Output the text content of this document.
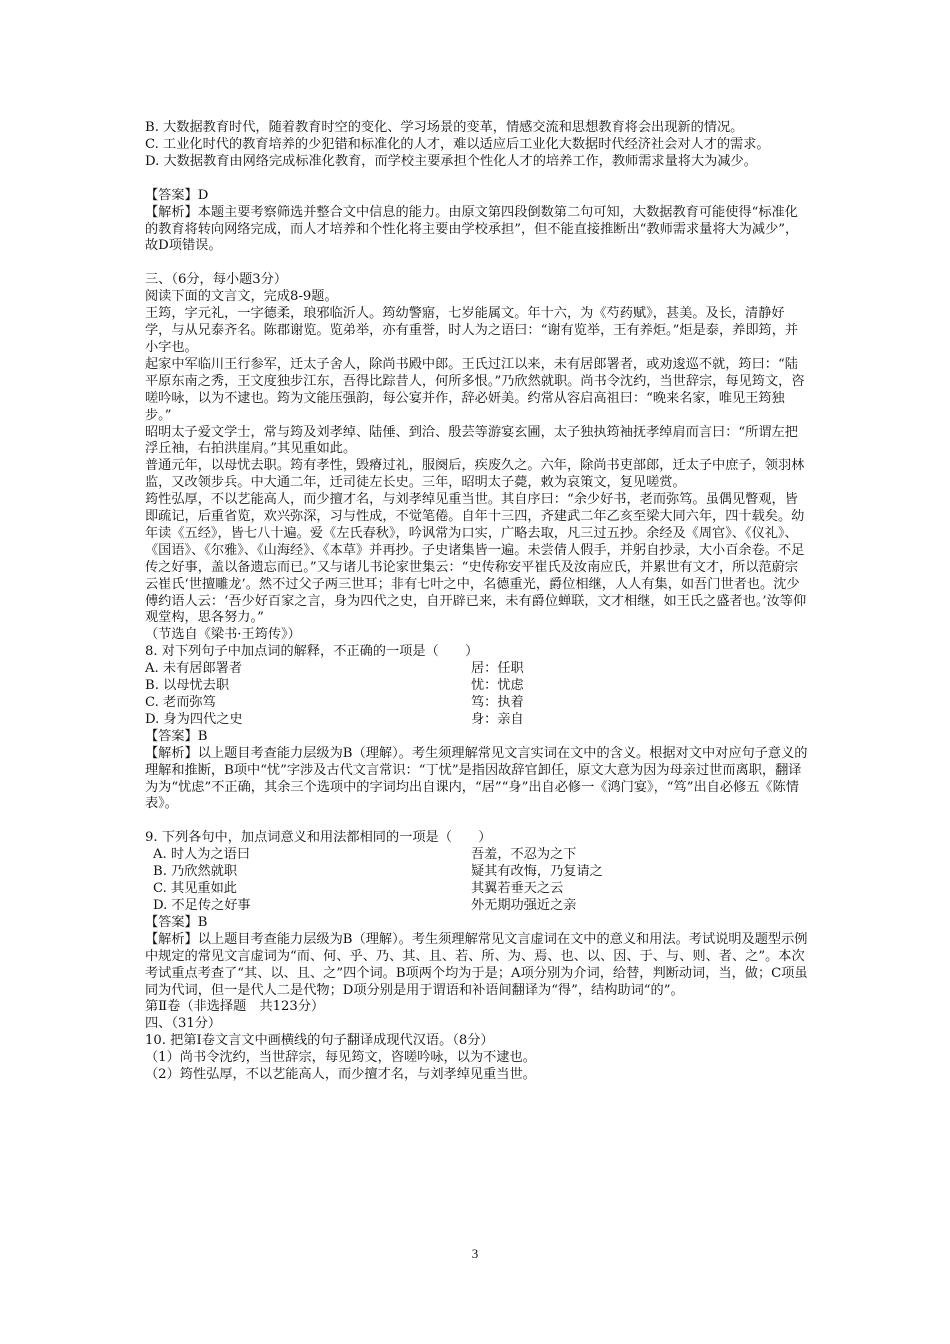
B. 大数据教育时代，随着教育时空的变化、学习场景的变革，情感交流和思想教育将会出现新的情况。

C. 工业化时代的教育培养的少犯错和标准化的人才，难以适应后工业化大数据时代经济社会对人才的需求。

D. 大数据教育由网络完成标准化教育，而学校主要承担个性化人才的培养工作，教师需求量将大为减少。

【答案】D

【解析】本题主要考察筛选并整合文中信息的能力。由原文第四段倒数第二句可知，大数据教育可能使得“标准化的教育将转向网络完成，而人才培养和个性化将主要由学校承担”，但不能直接推断出“教师需求量将大为减少”，故D项错误。

三、（6分，每小题3分）

阅读下面的文言文，完成8-9题。

王筠，字元礼，一字德柔，琅邪临沂人。筠幼警寤，七岁能属文。年十六，为《芍药赋》，甚美。及长，清静好学，与从兄泰齐名。陈郡谢览。览弟举，亦有重誉，时人为之语曰：“谢有览举，王有养炬。”炬是泰，养即筠，并小字也。

起家中军临川王行参军，迁太子舍人，除尚书殿中郎。王氏过江以来，未有居郎署者，或劝逡巡不就，筠曰：“陆平原东南之秀，王文度独步江东，吾得比踪昔人，何所多恨。”乃欣然就职。尚书令沈约，当世辞宗，每见筠文，咨嗟吟咏，以为不逮也。筠为文能压强韵，每公宴并作，辞必妍美。约常从容启高祖曰：“晚来名家，唯见王筠独步。”

昭明太子爱文学士，常与筠及刘孝绰、陆倕、到洽、殷芸等游宴玄圃，太子独执筠袖抚孝绰肩而言曰：“所谓左把浮丘袖，右拍洪崖肩。”其见重如此。

普通元年，以母忧去职。筠有孝性，毁瘠过礼，服阕后，疾废久之。六年，除尚书吏部郎，迁太子中庶子，领羽林监，又改领步兵。中大通二年，迁司徒左长史。三年，昭明太子薨，敕为哀策文，复见嗟赏。

筠性弘厚，不以艺能高人，而少擅才名，与刘孝绰见重当世。其自序曰：“余少好书，老而弥笃。虽偶见瞥观，皆即疏记，后重省览，欢兴弥深，习与性成，不觉笔倦。自年十三四，齐建武二年乙亥至梁大同六年，四十载矣。幼年读《五经》，皆七八十遍。爱《左氏春秋》，吟讽常为口实，广略去取，凡三过五抄。余经及《周官》、《仪礼》、《国语》、《尔雅》、《山海经》、《本草》并再抄。子史诸集皆一遍。未尝倩人假手，并躬自抄录，大小百余卷。不足传之好事，盖以备遗忘而已。”又与诸儿书论家世集云：“史传称安平崔氏及汝南应氏，并累世有文才，所以范蔚宗云崔氏‘世擅雕龙’。然不过父子两三世耳；非有七叶之中，名德重光，爵位相继，人人有集，如吾门世者也。沈少傅约语人云：‘吾少好百家之言，身为四代之史，自开辟已来，未有爵位蝉联，文才相继，如王氏之盛者也。’汝等仰观堂构，思各努力。”

（节选自《梁书·王筠传》）

8. 对下列句子中加点词的解释，不正确的一项是（　　）

A. 未有居郎署者	居：任职

B. 以母忧去职	忧：忧虑

C. 老而弥笃	笃：执着

D. 身为四代之史	身：亲自

【答案】B

【解析】以上题目考查能力层级为B（理解）。考生须理解常见文言实词在文中的含义。根据对文中对应句子意义的理解和推断，B项中“忧”字涉及古代文言常识：“丁忧”是指因故辞官卸任，原文大意为因为母亲过世而离职，翻译为为“忧虑”不正确，其余三个选项中的字词均出自课内，“居”“身”出自必修一《鸿门宴》，“笃”出自必修五《陈情表》。

9. 下列各句中，加点词意义和用法都相同的一项是（　　）

A. 时人为之语曰	吾羞，不忍为之下

B. 乃欣然就职	疑其有改悔，乃复请之

C. 其见重如此	其翼若垂天之云

D. 不足传之好事	外无期功强近之亲

【答案】B

【解析】以上题目考查能力层级为B（理解）。考生须理解常见文言虚词在文中的意义和用法。考试说明及题型示例中规定的常见文言虚词为“而、何、乎、乃、其、且、若、所、为、焉、也、以、因、于、与、则、者、之”。本次考试重点考查了“其、以、且、之”四个词。B项两个均为于是；A项分别为介词，给替，判断动词，当，做；C项虽同为代词，但一是代人二是代物；D项分别是用于谓语和补语间翻译为“得”，结构助词“的”。

第Ⅱ卷（非选择题　共123分）

四、（31分）

10. 把第Ⅰ卷文言文中画横线的句子翻译成现代汉语。（8分）

（1）尚书令沈约，当世辞宗，每见筠文，咨嗟吟咏，以为不逮也。

（2）筠性弘厚，不以艺能高人，而少擅才名，与刘孝绰见重当世。

3
